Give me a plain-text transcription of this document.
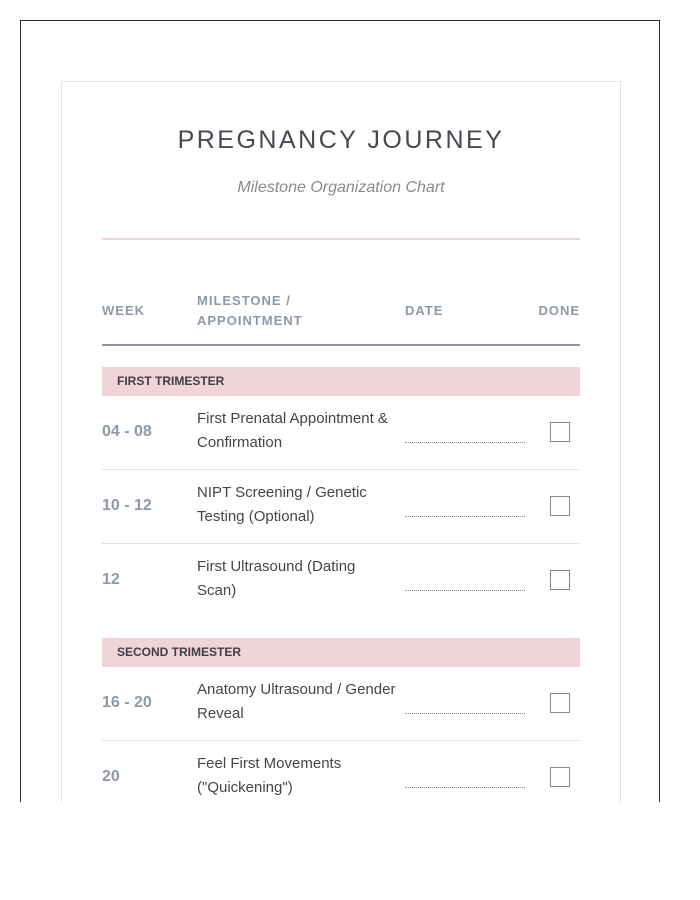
PREGNANCY JOURNEY
Milestone Organization Chart
WEEK
MILESTONE / APPOINTMENT
DATE	DONE
FIRST TRIMESTER
04 - 08
First Prenatal Appointment & Confirmation
10 - 12
NIPT Screening / Genetic Testing (Optional)
12
First Ultrasound (Dating Scan)
SECOND TRIMESTER
16 - 20
Anatomy Ultrasound / Gender Reveal
20
Feel First Movements ("Quickening")
